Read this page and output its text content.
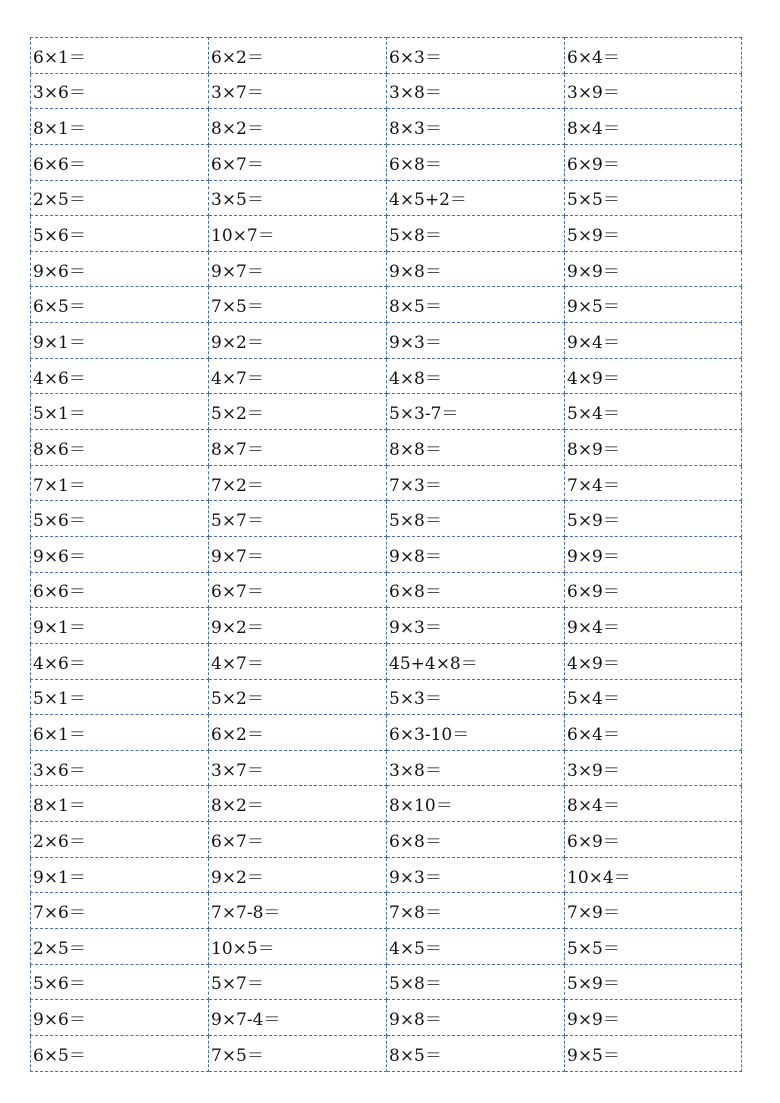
6×1＝	6×2＝	6×3＝	6×4＝
3×6＝	3×7＝	3×8＝	3×9＝
8×1＝	8×2＝	8×3＝	8×4＝
6×6＝	6×7＝	6×8＝	6×9＝
2×5＝	3×5＝	4×5+2＝	5×5＝
5×6＝	10×7＝	5×8＝	5×9＝
9×6＝	9×7＝	9×8＝	9×9＝
6×5＝	7×5＝	8×5＝	9×5＝
9×1＝	9×2＝	9×3＝	9×4＝
4×6＝	4×7＝	4×8＝	4×9＝
5×1＝	5×2＝	5×3-7＝	5×4＝
8×6＝	8×7＝	8×8＝	8×9＝
7×1＝	7×2＝	7×3＝	7×4＝
5×6＝	5×7＝	5×8＝	5×9＝
9×6＝	9×7＝	9×8＝	9×9＝
6×6＝	6×7＝	6×8＝	6×9＝
9×1＝	9×2＝	9×3＝	9×4＝
4×6＝	4×7＝	45+4×8＝	4×9＝
5×1＝	5×2＝	5×3＝	5×4＝
6×1＝	6×2＝	6×3-10＝	6×4＝
3×6＝	3×7＝	3×8＝	3×9＝
8×1＝	8×2＝	8×10＝	8×4＝
2×6＝	6×7＝	6×8＝	6×9＝
9×1＝	9×2＝	9×3＝	10×4＝
7×6＝	7×7-8＝	7×8＝	7×9＝
2×5＝	10×5＝	4×5＝	5×5＝
5×6＝	5×7＝	5×8＝	5×9＝
9×6＝	9×7-4＝	9×8＝	9×9＝
6×5＝	7×5＝	8×5＝	9×5＝
